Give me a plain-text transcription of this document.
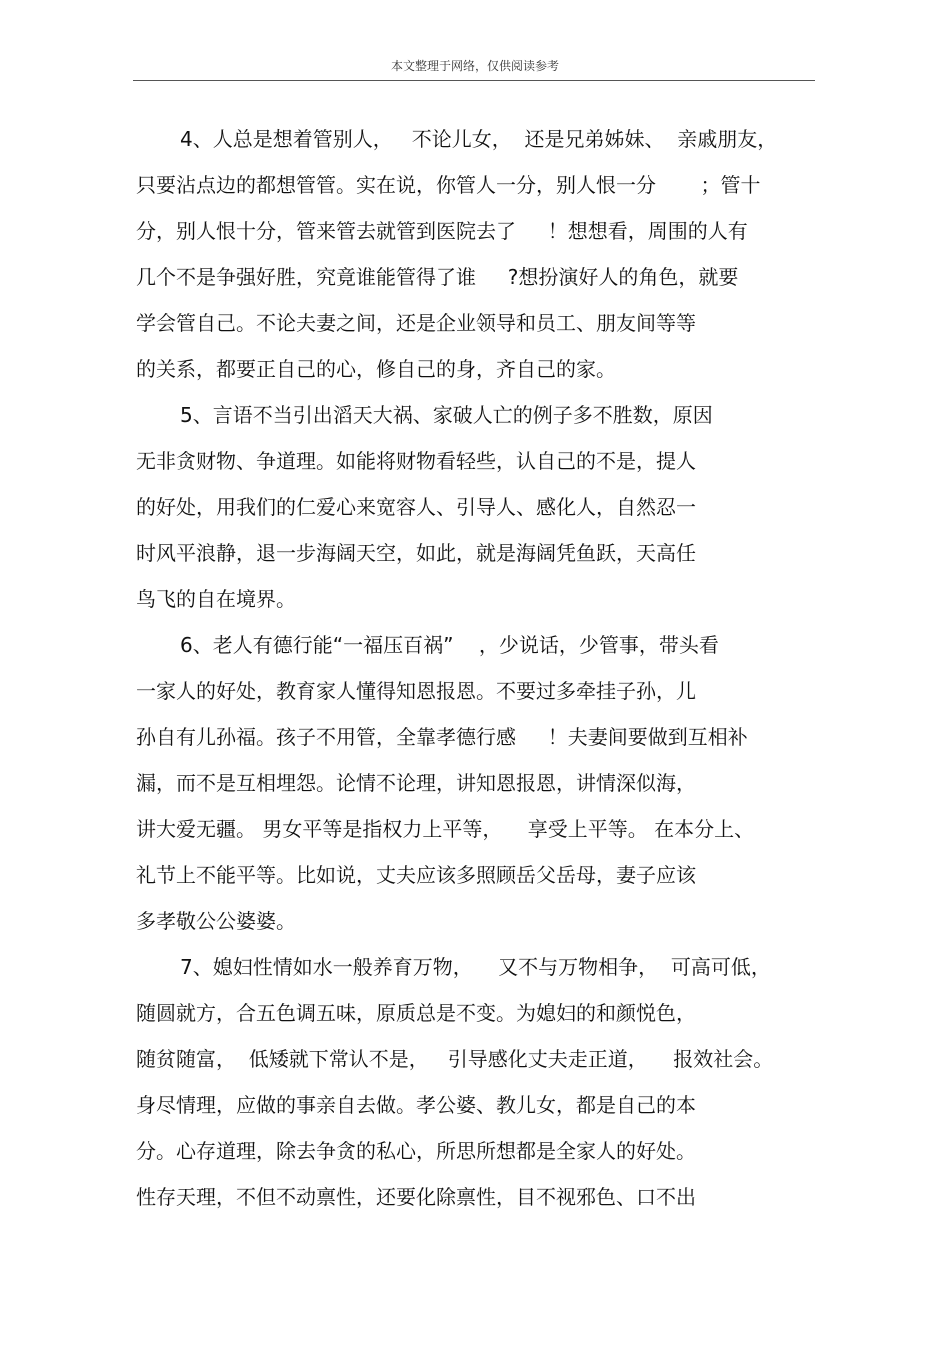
本文整理于网络，仅供阅读参考
4、人总是想着管别人，   不论儿女，  还是兄弟姊妹、  亲戚朋友，
只要沾点边的都想管管。实在说，你管人一分，别人恨一分       ；管十
分，别人恨十分，管来管去就管到医院去了     ！想想看，周围的人有
几个不是争强好胜，究竟谁能管得了谁     ?想扮演好人的角色，就要
学会管自己。不论夫妻之间，还是企业领导和员工、朋友间等等
的关系，都要正自己的心，修自己的身，齐自己的家。
5、言语不当引出滔天大祸、家破人亡的例子多不胜数，原因
无非贪财物、争道理。如能将财物看轻些，认自己的不是，提人
的好处，用我们的仁爱心来宽容人、引导人、感化人，自然忍一
时风平浪静，退一步海阔天空，如此，就是海阔凭鱼跃，天高任
鸟飞的自在境界。
6、老人有德行能“一福压百祸”    ，少说话，少管事，带头看
一家人的好处，教育家人懂得知恩报恩。不要过多牵挂子孙，儿
孙自有儿孙福。孩子不用管，全靠孝德行感     ！夫妻间要做到互相补
漏，而不是互相埋怨。论情不论理，讲知恩报恩，讲情深似海，
讲大爱无疆。 男女平等是指权力上平等，    享受上平等。 在本分上、
礼节上不能平等。比如说，丈夫应该多照顾岳父岳母，妻子应该
多孝敬公公婆婆。
7、媳妇性情如水一般养育万物，    又不与万物相争，  可高可低，
随圆就方，合五色调五味，原质总是不变。为媳妇的和颜悦色，
随贫随富，  低矮就下常认不是，   引导感化丈夫走正道，    报效社会。
身尽情理，应做的事亲自去做。孝公婆、教儿女，都是自己的本
分。心存道理，除去争贪的私心，所思所想都是全家人的好处。
性存天理，不但不动禀性，还要化除禀性，目不视邪色、口不出
